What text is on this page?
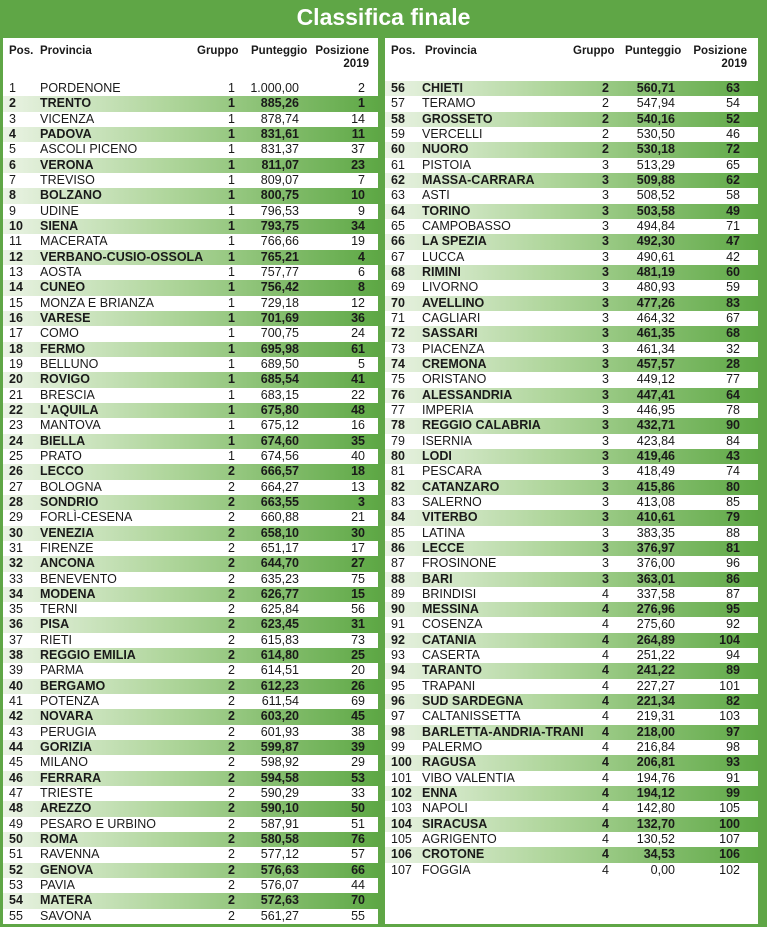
Classifica finale
Pos. Provincia	Gruppo Punteggio Posizione
2019
1 PORDENONE	1	1.000,00	2
2 TRENTO	1	885,26	1
3 VICENZA	1	878,74	14
4 PADOVA	1	831,61	11
5 ASCOLI PICENO	1	831,37	37
6 VERONA	1	811,07	23
7 TREVISO	1	809,07	7
8 BOLZANO	1	800,75	10
9 UDINE	1	796,53	9
10 SIENA	1	793,75	34
11 MACERATA	1	766,66	19
12 VERBANO-CUSIO-OSSOLA	1	765,21	4
13 AOSTA	1	757,77	6
14 CUNEO	1	756,42	8
15 MONZA E BRIANZA	1	729,18	12
16 VARESE	1	701,69	36
17 COMO	1	700,75	24
18 FERMO	1	695,98	61
19 BELLUNO	1	689,50	5
20 ROVIGO	1	685,54	41
21 BRESCIA	1	683,15	22
22 L'AQUILA	1	675,80	48
23 MANTOVA	1	675,12	16
24 BIELLA	1	674,60	35
25 PRATO	1	674,56	40
26 LECCO	2	666,57	18
27 BOLOGNA	2	664,27	13
28 SONDRIO	2	663,55	3
29 FORLÌ-CESENA	2	660,88	21
30 VENEZIA	2	658,10	30
31 FIRENZE	2	651,17	17
32 ANCONA	2	644,70	27
33 BENEVENTO	2	635,23	75
34 MODENA	2	626,77	15
35 TERNI	2	625,84	56
36 PISA	2	623,45	31
37 RIETI	2	615,83	73
38 REGGIO EMILIA	2	614,80	25
39 PARMA	2	614,51	20
40 BERGAMO	2	612,23	26
41 POTENZA	2	611,54	69
42 NOVARA	2	603,20	45
43 PERUGIA	2	601,93	38
44 GORIZIA	2	599,87	39
45 MILANO	2	598,92	29
46 FERRARA	2	594,58	53
47 TRIESTE	2	590,29	33
48 AREZZO	2	590,10	50
49 PESARO E URBINO	2	587,91	51
50 ROMA	2	580,58	76
51 RAVENNA	2	577,12	57
52 GENOVA	2	576,63	66
53 PAVIA	2	576,07	44
54 MATERA	2	572,63	70
55 SAVONA	2	561,27	55
Pos. Provincia	Gruppo Punteggio Posizione
2019
56 CHIETI	2	560,71	63
57 TERAMO	2	547,94	54
58 GROSSETO	2	540,16	52
59 VERCELLI	2	530,50	46
60 NUORO	2	530,18	72
61 PISTOIA	3	513,29	65
62 MASSA-CARRARA	3	509,88	62
63 ASTI	3	508,52	58
64 TORINO	3	503,58	49
65 CAMPOBASSO	3	494,84	71
66 LA SPEZIA	3	492,30	47
67 LUCCA	3	490,61	42
68 RIMINI	3	481,19	60
69 LIVORNO	3	480,93	59
70 AVELLINO	3	477,26	83
71 CAGLIARI	3	464,32	67
72 SASSARI	3	461,35	68
73 PIACENZA	3	461,34	32
74 CREMONA	3	457,57	28
75 ORISTANO	3	449,12	77
76 ALESSANDRIA	3	447,41	64
77 IMPERIA	3	446,95	78
78 REGGIO CALABRIA	3	432,71	90
79 ISERNIA	3	423,84	84
80 LODI	3	419,46	43
81 PESCARA	3	418,49	74
82 CATANZARO	3	415,86	80
83 SALERNO	3	413,08	85
84 VITERBO	3	410,61	79
85 LATINA	3	383,35	88
86 LECCE	3	376,97	81
87 FROSINONE	3	376,00	96
88 BARI	3	363,01	86
89 BRINDISI	4	337,58	87
90 MESSINA	4	276,96	95
91 COSENZA	4	275,60	92
92 CATANIA	4	264,89	104
93 CASERTA	4	251,22	94
94 TARANTO	4	241,22	89
95 TRAPANI	4	227,27	101
96 SUD SARDEGNA	4	221,34	82
97 CALTANISSETTA	4	219,31	103
98 BARLETTA-ANDRIA-TRANI	4	218,00	97
99 PALERMO	4	216,84	98
100 RAGUSA	4	206,81	93
101 VIBO VALENTIA	4	194,76	91
102 ENNA	4	194,12	99
103 NAPOLI	4	142,80	105
104 SIRACUSA	4	132,70	100
105 AGRIGENTO	4	130,52	107
106 CROTONE	4	34,53	106
107 FOGGIA	4	0,00	102
